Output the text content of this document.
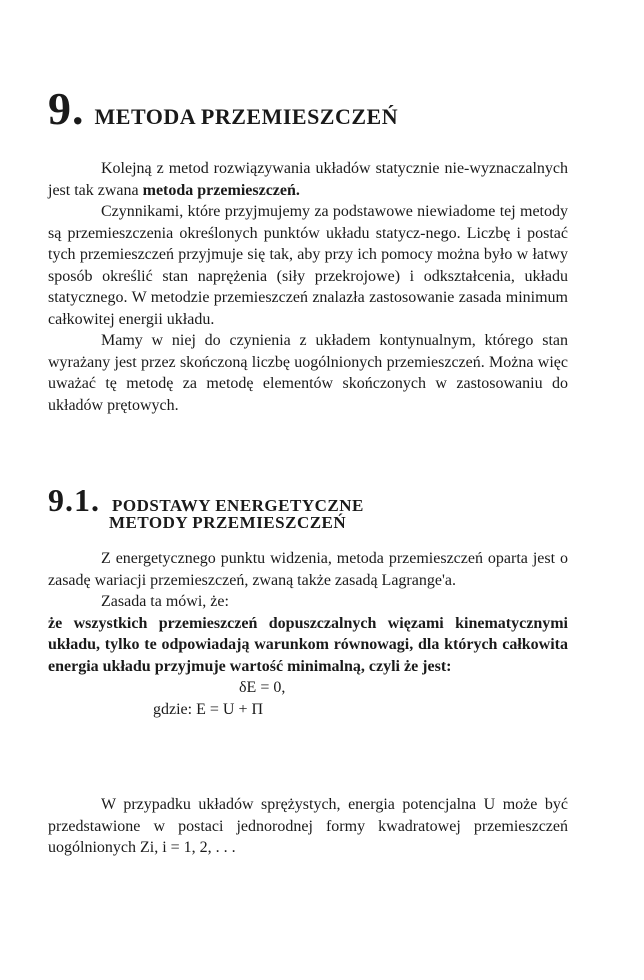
9. METODA PRZEMIESZCZEŃ

Kolejną z metod rozwiązywania układów statycznie nie-wyznaczalnych jest tak zwana metoda przemieszczeń.

Czynnikami, które przyjmujemy za podstawowe niewiadome tej metody są przemieszczenia określonych punktów układu statycz-nego. Liczbę i postać tych przemieszczeń przyjmuje się tak, aby przy ich pomocy można było w łatwy sposób określić stan naprężenia (siły przekrojowe) i odkształcenia, układu statycznego. W metodzie przemieszczeń znalazła zastosowanie zasada minimum całkowitej energii układu.

Mamy w niej do czynienia z układem kontynualnym, którego stan wyrażany jest przez skończoną liczbę uogólnionych przemieszczeń. Można więc uważać tę metodę za metodę elementów skończonych w zastosowaniu do układów prętowych.

9.1. PODSTAWY ENERGETYCZNE
METODY PRZEMIESZCZEŃ

Z energetycznego punktu widzenia, metoda przemieszczeń oparta jest o zasadę wariacji przemieszczeń, zwaną także zasadą Lagrange'a.

Zasada ta mówi, że:

że wszystkich przemieszczeń dopuszczalnych więzami kinematycznymi układu, tylko te odpowiadają warunkom równowagi, dla których całkowita energia układu przyjmuje wartość minimalną, czyli że jest:

δE = 0,

gdzie: E = U + Π

W przypadku układów sprężystych, energia potencjalna U może być przedstawione w postaci jednorodnej formy kwadratowej przemieszczeń uogólnionych Zi, i = 1, 2, . . .
